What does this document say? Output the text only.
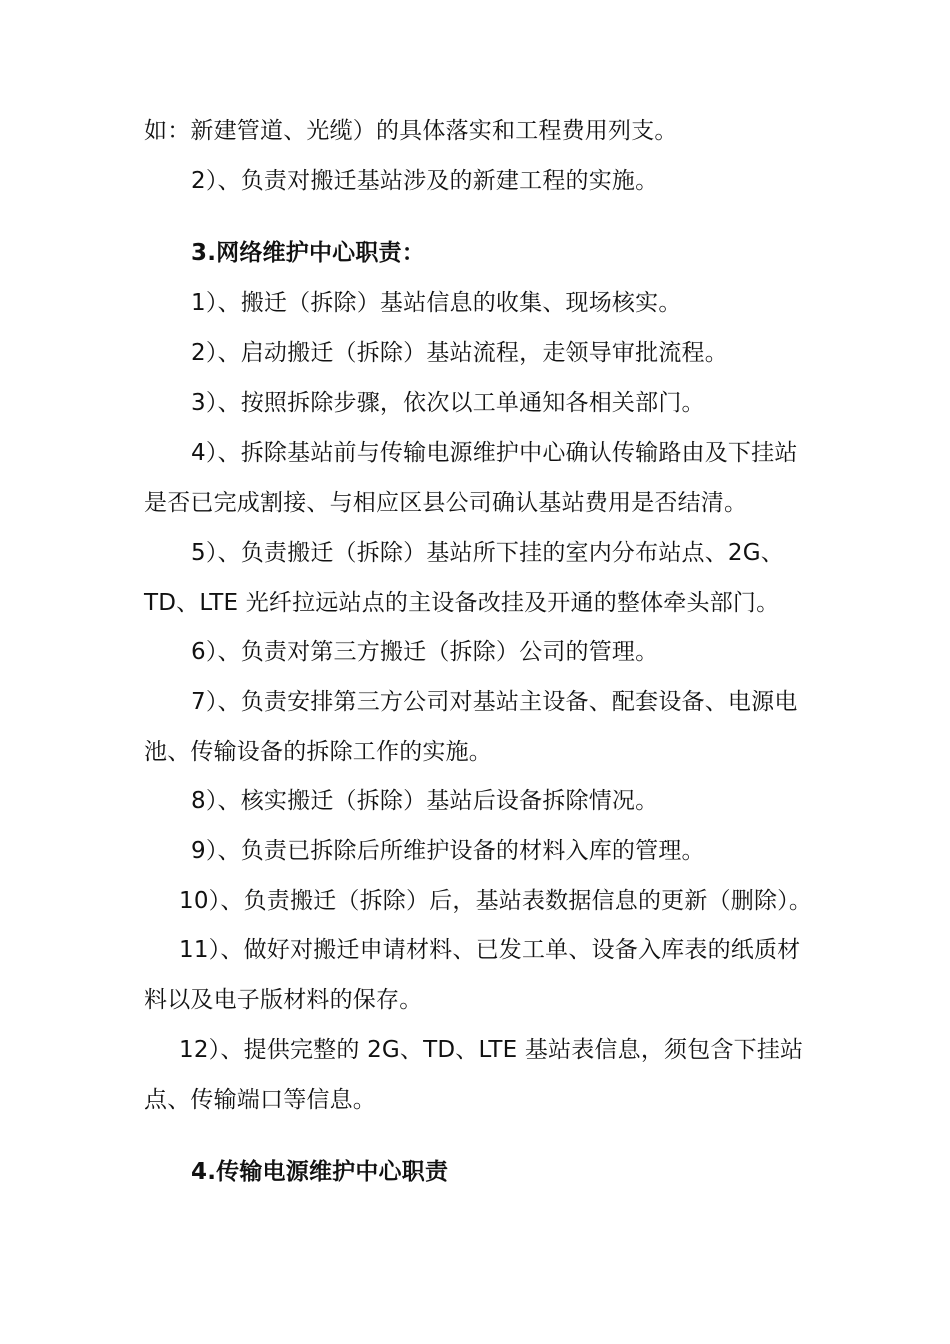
如：新建管道、光缆）的具体落实和工程费用列支。
2）、负责对搬迁基站涉及的新建工程的实施。
3.网络维护中心职责：
1）、搬迁（拆除）基站信息的收集、现场核实。
2）、启动搬迁（拆除）基站流程，走领导审批流程。
3）、按照拆除步骤，依次以工单通知各相关部门。
4）、拆除基站前与传输电源维护中心确认传输路由及下挂站
是否已完成割接、与相应区县公司确认基站费用是否结清。
5）、负责搬迁（拆除）基站所下挂的室内分布站点、2G、
TD、LTE 光纤拉远站点的主设备改挂及开通的整体牵头部门。
6）、负责对第三方搬迁（拆除）公司的管理。
7）、负责安排第三方公司对基站主设备、配套设备、电源电
池、传输设备的拆除工作的实施。
8）、核实搬迁（拆除）基站后设备拆除情况。
9）、负责已拆除后所维护设备的材料入库的管理。
10）、负责搬迁（拆除）后，基站表数据信息的更新（删除）。
11）、做好对搬迁申请材料、已发工单、设备入库表的纸质材
料以及电子版材料的保存。
12）、提供完整的 2G、TD、LTE 基站表信息，须包含下挂站
点、传输端口等信息。
4.传输电源维护中心职责
